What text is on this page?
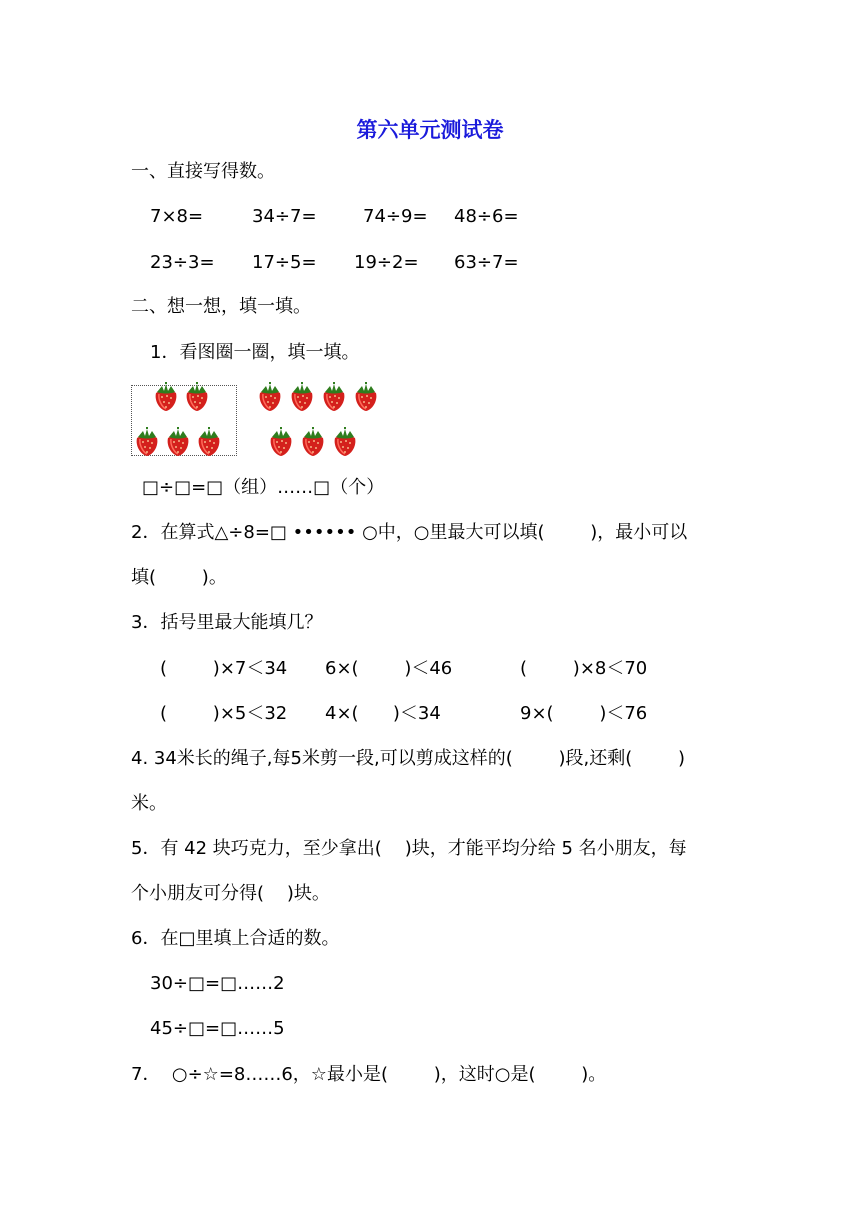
第六单元测试卷
一、直接写得数。
7×8=	34÷7=	74÷9= 48÷6=
23÷3= 17÷5= 19÷2= 63÷7=
二、想一想，填一填。
1．看图圈一圈，填一填。
□÷□=□（组）……□（个）
2．在算式△÷8=□ •••••• ○中，○里最大可以填(        )，最小可以
填(        )。
3．括号里最大能填几？
(        )×7＜34 6×(        )＜46	(        )×8＜70
(        )×5＜32 4×(      )＜34	9×(        )＜76
4. 34米长的绳子,每5米剪一段,可以剪成这样的(        )段,还剩(        )
米。
5．有 42 块巧克力，至少拿出(    )块，才能平均分给 5 名小朋友，每
个小朋友可分得(    )块。
6．在□里填上合适的数。
30÷□=□……2
45÷□=□……5
7．  ○÷☆=8……6，☆最小是(        )，这时○是(        )。
